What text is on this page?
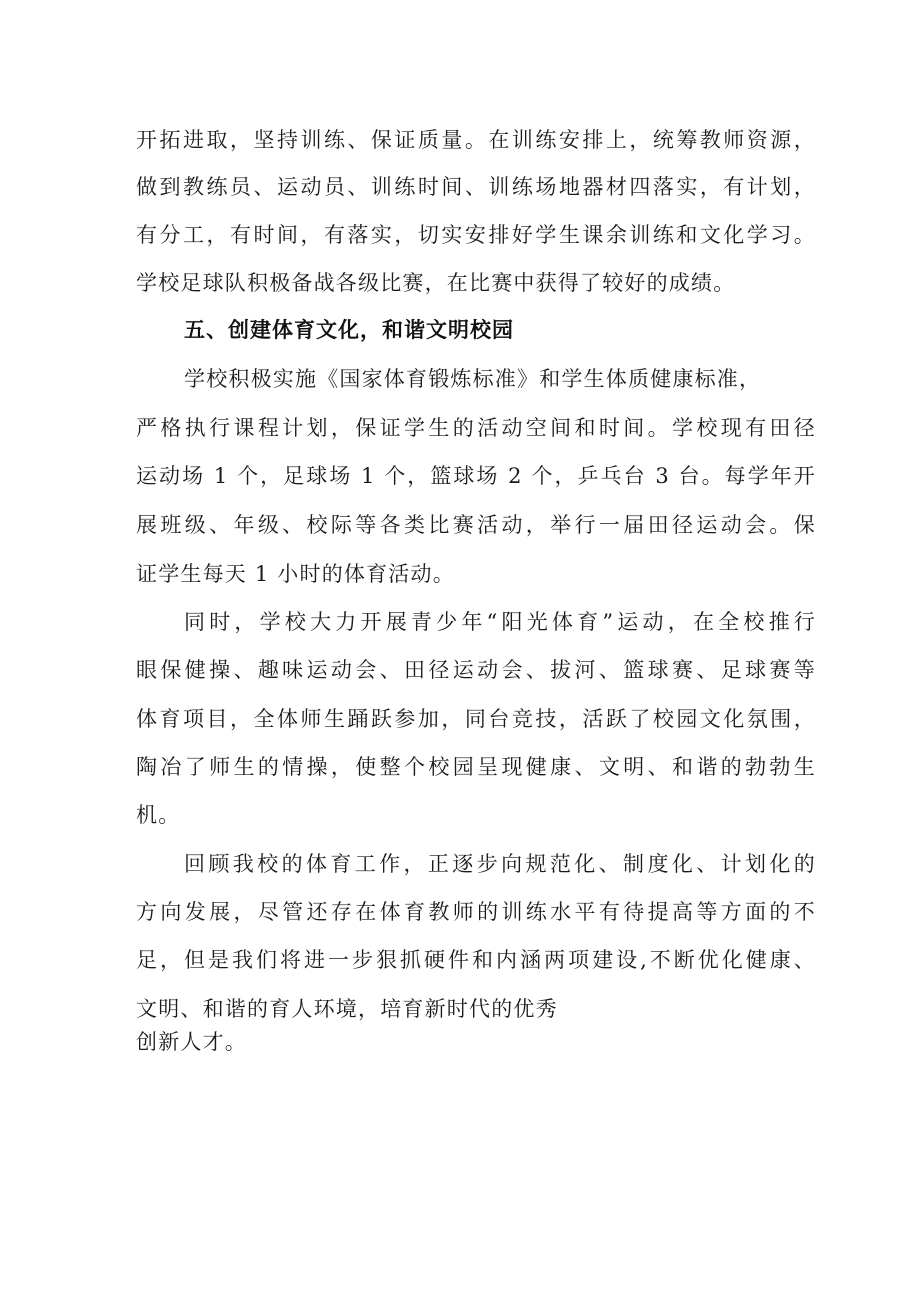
开拓进取，坚持训练、保证质量。在训练安排上，统筹教师资源，
做到教练员、运动员、训练时间、训练场地器材四落实，有计划，
有分工，有时间，有落实，切实安排好学生课余训练和文化学习。
学校足球队积极备战各级比赛，在比赛中获得了较好的成绩。
五、创建体育文化，和谐文明校园
学校积极实施《国家体育锻炼标准》和学生体质健康标准，
严格执行课程计划，保证学生的活动空间和时间。学校现有田径
运动场 1 个，足球场 1 个，篮球场 2 个，乒乓台 3 台。每学年开
展班级、年级、校际等各类比赛活动，举行一届田径运动会。保
证学生每天 1 小时的体育活动。
同时，学校大力开展青少年“阳光体育”运动，在全校推行
眼保健操、趣味运动会、田径运动会、拔河、篮球赛、足球赛等
体育项目，全体师生踊跃参加，同台竞技，活跃了校园文化氛围，
陶冶了师生的情操，使整个校园呈现健康、文明、和谐的勃勃生
机。
回顾我校的体育工作，正逐步向规范化、制度化、计划化的
方向发展，尽管还存在体育教师的训练水平有待提高等方面的不
足，但是我们将进一步狠抓硬件和内涵两项建设,不断优化健康、
文明、和谐的育人环境，培育新时代的优秀
创新人才。
